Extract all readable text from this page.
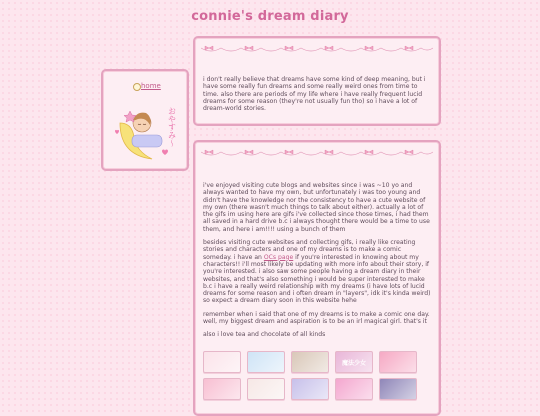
connie's dream diary
home
おやすみ〜
i don't really believe that dreams have some kind of deep meaning, but i have some really fun dreams and some really weird ones from time to time. also there are periods of my life where i have really frequent lucid dreams for some reason (they're not usually fun tho) so i have a lot of dream-world stories.

i've enjoyed visiting cute blogs and websites since i was ~10 yo and always wanted to have my own, but unfortunately i was too young and didn't have the knowledge nor the consistency to have a cute website of my own (there wasn't much things to talk about either). actually a lot of the gifs im using here are gifs i've collected since those times, i had them all saved in a hard drive b.c i always thought there would be a time to use them, and here i am!!!! using a bunch of them

besides visiting cute websites and collecting gifs, i really like creating stories and characters and one of my dreams is to make a comic someday. i have an OCs page if you're interested in knowing about my characters!! i'll most likely be updating with more info about their story, if you're interested. i also saw some people having a dream diary in their websites, and that's also something i would be super interested to make b.c i have a really weird relationship with my dreams (i have lots of lucid dreams for some reason and i often dream in "layers", idk it's kinda weird) so expect a dream diary soon in this website hehe

remember when i said that one of my dreams is to make a comic one day. well, my biggest dream and aspiration is to be an irl magical girl. that's it

also i love tea and chocolate of all kinds

魔法少女
